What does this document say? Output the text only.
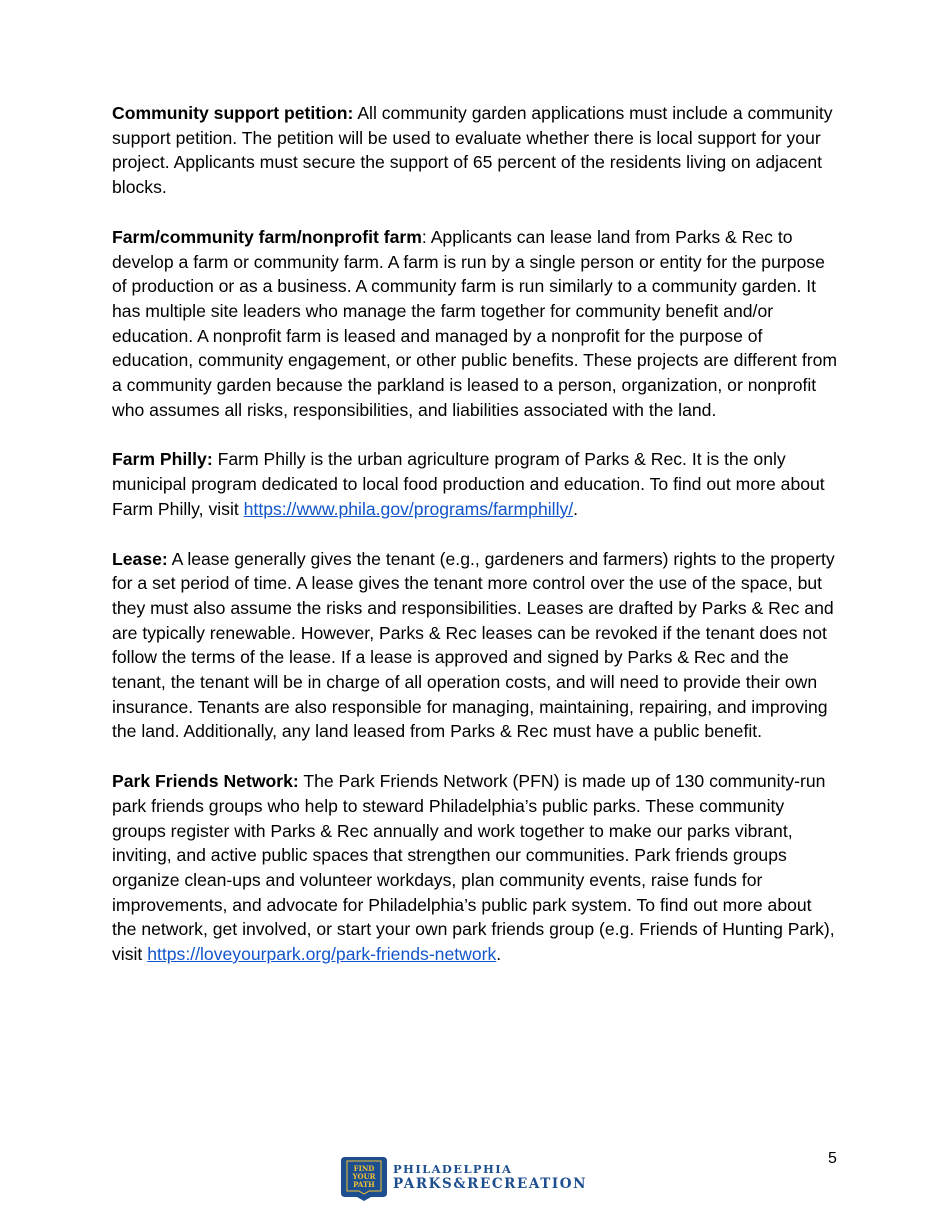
Community support petition: All community garden applications must include a community support petition. The petition will be used to evaluate whether there is local support for your project. Applicants must secure the support of 65 percent of the residents living on adjacent blocks.

Farm/community farm/nonprofit farm: Applicants can lease land from Parks & Rec to develop a farm or community farm. A farm is run by a single person or entity for the purpose of production or as a business. A community farm is run similarly to a community garden. It has multiple site leaders who manage the farm together for community benefit and/or education. A nonprofit farm is leased and managed by a nonprofit for the purpose of education, community engagement, or other public benefits. These projects are different from a community garden because the parkland is leased to a person, organization, or nonprofit who assumes all risks, responsibilities, and liabilities associated with the land.

Farm Philly: Farm Philly is the urban agriculture program of Parks & Rec. It is the only municipal program dedicated to local food production and education. To find out more about Farm Philly, visit https://www.phila.gov/programs/farmphilly/.

Lease: A lease generally gives the tenant (e.g., gardeners and farmers) rights to the property for a set period of time. A lease gives the tenant more control over the use of the space, but they must also assume the risks and responsibilities. Leases are drafted by Parks & Rec and are typically renewable. However, Parks & Rec leases can be revoked if the tenant does not follow the terms of the lease. If a lease is approved and signed by Parks & Rec and the tenant, the tenant will be in charge of all operation costs, and will need to provide their own insurance. Tenants are also responsible for managing, maintaining, repairing, and improving the land. Additionally, any land leased from Parks & Rec must have a public benefit.

Park Friends Network: The Park Friends Network (PFN) is made up of 130 community-run park friends groups who help to steward Philadelphia’s public parks. These community groups register with Parks & Rec annually and work together to make our parks vibrant, inviting, and active public spaces that strengthen our communities. Park friends groups organize clean-ups and volunteer workdays, plan community events, raise funds for improvements, and advocate for Philadelphia’s public park system. To find out more about the network, get involved, or start your own park friends group (e.g. Friends of Hunting Park), visit https://loveyourpark.org/park-friends-network.

5
FIND
YOUR
PATH
PHILADELPHIA
PARKS&RECREATION
